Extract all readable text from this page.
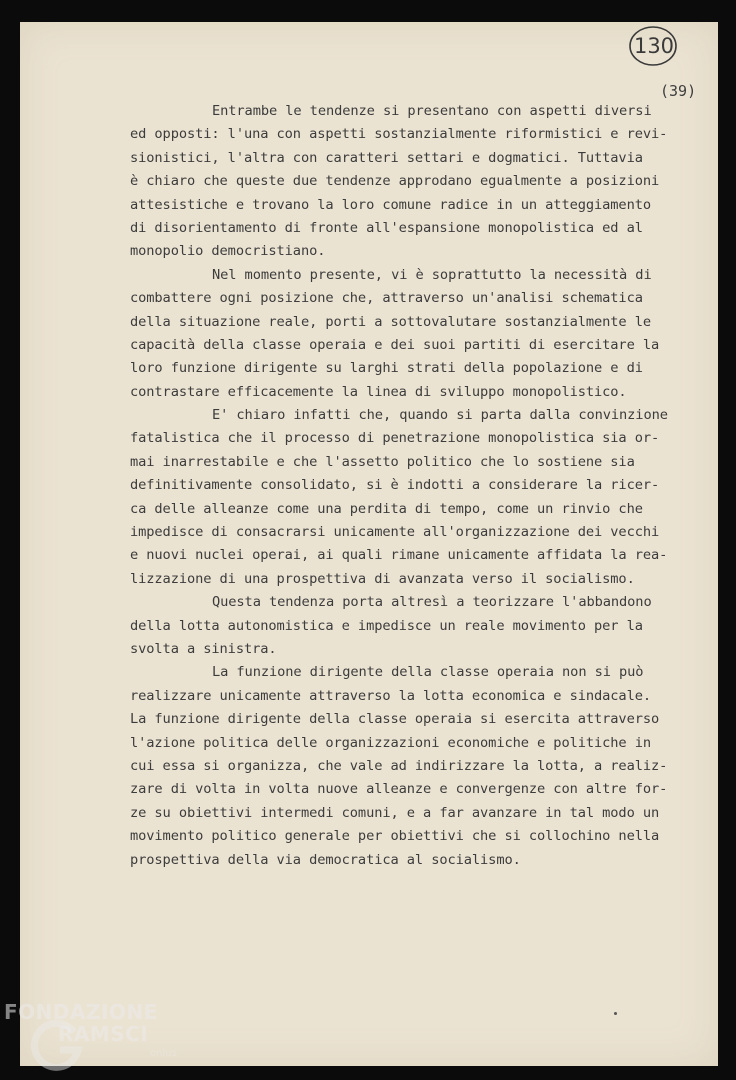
130
(39)
Entrambe le tendenze si presentano con aspetti diversi
ed opposti: l'una con aspetti sostanzialmente riformistici e revi-
sionistici, l'altra con caratteri settari e dogmatici. Tuttavia
è chiaro che queste due tendenze approdano egualmente a posizioni
attesistiche e trovano la loro comune radice in un atteggiamento
di disorientamento di fronte all'espansione monopolistica ed al
monopolio democristiano.
Nel momento presente, vi è soprattutto la necessità di
combattere ogni posizione che, attraverso un'analisi schematica
della situazione reale, porti a sottovalutare sostanzialmente le
capacità della classe operaia e dei suoi partiti di esercitare la
loro funzione dirigente su larghi strati della popolazione e di
contrastare efficacemente la linea di sviluppo monopolistico.
E' chiaro infatti che, quando si parta dalla convinzione
fatalistica che il processo di penetrazione monopolistica sia or-
mai inarrestabile e che l'assetto politico che lo sostiene sia
definitivamente consolidato, si è indotti a considerare la ricer-
ca delle alleanze come una perdita di tempo, come un rinvio che
impedisce di consacrarsi unicamente all'organizzazione dei vecchi
e nuovi nuclei operai, ai quali rimane unicamente affidata la rea-
lizzazione di una prospettiva di avanzata verso il socialismo.
Questa tendenza porta altresì a teorizzare l'abbandono
della lotta autonomistica e impedisce un reale movimento per la
svolta a sinistra.
La funzione dirigente della classe operaia non si può
realizzare unicamente attraverso la lotta economica e sindacale.
La funzione dirigente della classe operaia si esercita attraverso
l'azione politica delle organizzazioni economiche e politiche in
cui essa si organizza, che vale ad indirizzare la lotta, a realiz-
zare di volta in volta nuove alleanze e convergenze con altre for-
ze su obiettivi intermedi comuni, e a far avanzare in tal modo un
movimento politico generale per obiettivi che si collochino nella
prospettiva della via democratica al socialismo.
FONDAZIONE
RAMSCI
onlus
